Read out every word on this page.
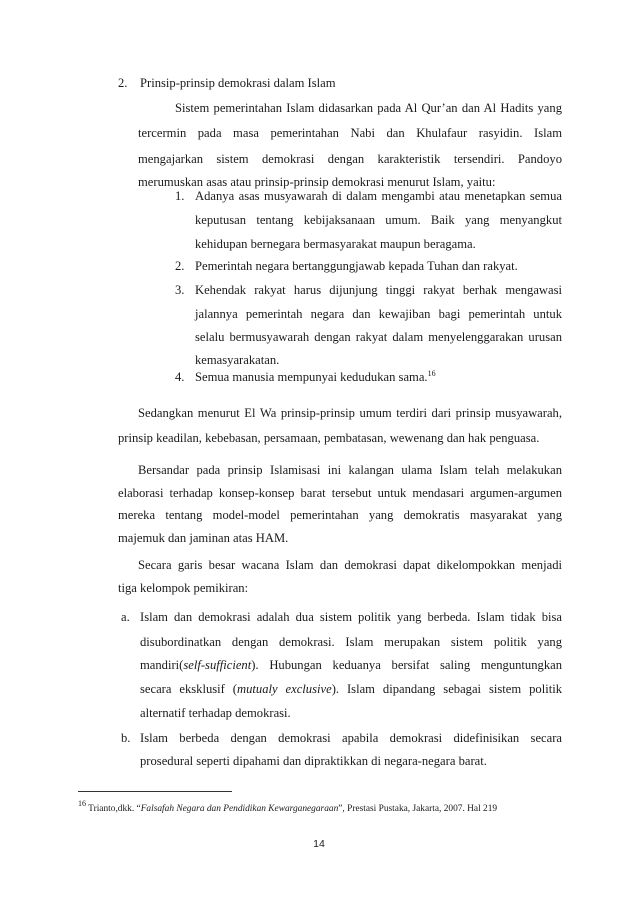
2. Prinsip-prinsip demokrasi dalam Islam
Sistem pemerintahan Islam didasarkan pada Al Qur’an dan Al Hadits yang
tercermin pada masa pemerintahan Nabi dan Khulafaur rasyidin. Islam
mengajarkan sistem demokrasi dengan karakteristik tersendiri. Pandoyo
merumuskan asas atau prinsip-prinsip demokrasi menurut Islam, yaitu:
1. Adanya asas musyawarah di dalam mengambi atau menetapkan semua
keputusan tentang kebijaksanaan umum. Baik yang menyangkut
kehidupan bernegara bermasyarakat maupun beragama.
2. Pemerintah negara bertanggungjawab kepada Tuhan dan rakyat.
3. Kehendak rakyat harus dijunjung tinggi rakyat berhak mengawasi
jalannya pemerintah negara dan kewajiban bagi pemerintah untuk
selalu bermusyawarah dengan rakyat dalam menyelenggarakan urusan
kemasyarakatan.
4. Semua manusia mempunyai kedudukan sama.$^{16}$
Sedangkan menurut El Wa prinsip-prinsip umum terdiri dari prinsip musyawarah,
prinsip keadilan, kebebasan, persamaan, pembatasan, wewenang dan hak penguasa.
Bersandar pada prinsip Islamisasi ini kalangan ulama Islam telah melakukan
elaborasi terhadap konsep-konsep barat tersebut untuk mendasari argumen-argumen
mereka tentang model-model pemerintahan yang demokratis masyarakat yang
majemuk dan jaminan atas HAM.
Secara garis besar wacana Islam dan demokrasi dapat dikelompokkan menjadi
tiga kelompok pemikiran:
a. Islam dan demokrasi adalah dua sistem politik yang berbeda. Islam tidak bisa
disubordinatkan dengan demokrasi. Islam merupakan sistem politik yang
mandiri(self-sufficient). Hubungan keduanya bersifat saling menguntungkan
secara eksklusif (mutualy exclusive). Islam dipandang sebagai sistem politik
alternatif terhadap demokrasi.
b. Islam berbeda dengan demokrasi apabila demokrasi didefinisikan secara
prosedural seperti dipahami dan dipraktikkan di negara-negara barat.
$^{16}$ Trianto,dkk. “Falsafah Negara dan Pendidikan Kewarganegaraan”, Prestasi Pustaka, Jakarta, 2007. Hal 219
14
